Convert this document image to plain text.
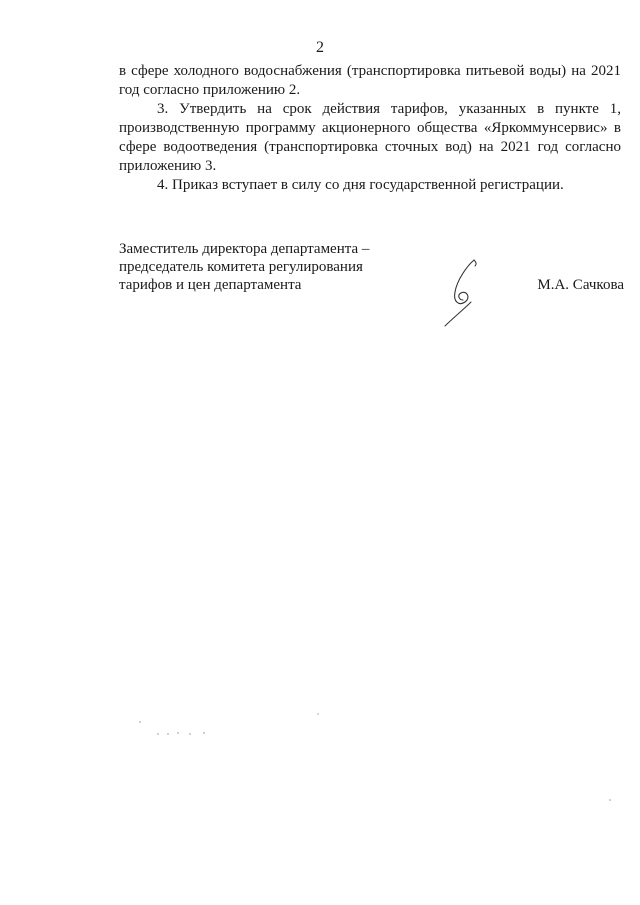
2

в сфере холодного водоснабжения (транспортировка питьевой воды) на 2021 год согласно приложению 2.

3. Утвердить на срок действия тарифов, указанных в пункте 1, производственную программу акционерного общества «Яркоммунсервис» в сфере водоотведения (транспортировка сточных вод) на 2021 год согласно приложению 3.

4. Приказ вступает в силу со дня государственной регистрации.

Заместитель директора департамента –
председатель комитета регулирования
тарифов и цен департамента	М.А. Сачкова
